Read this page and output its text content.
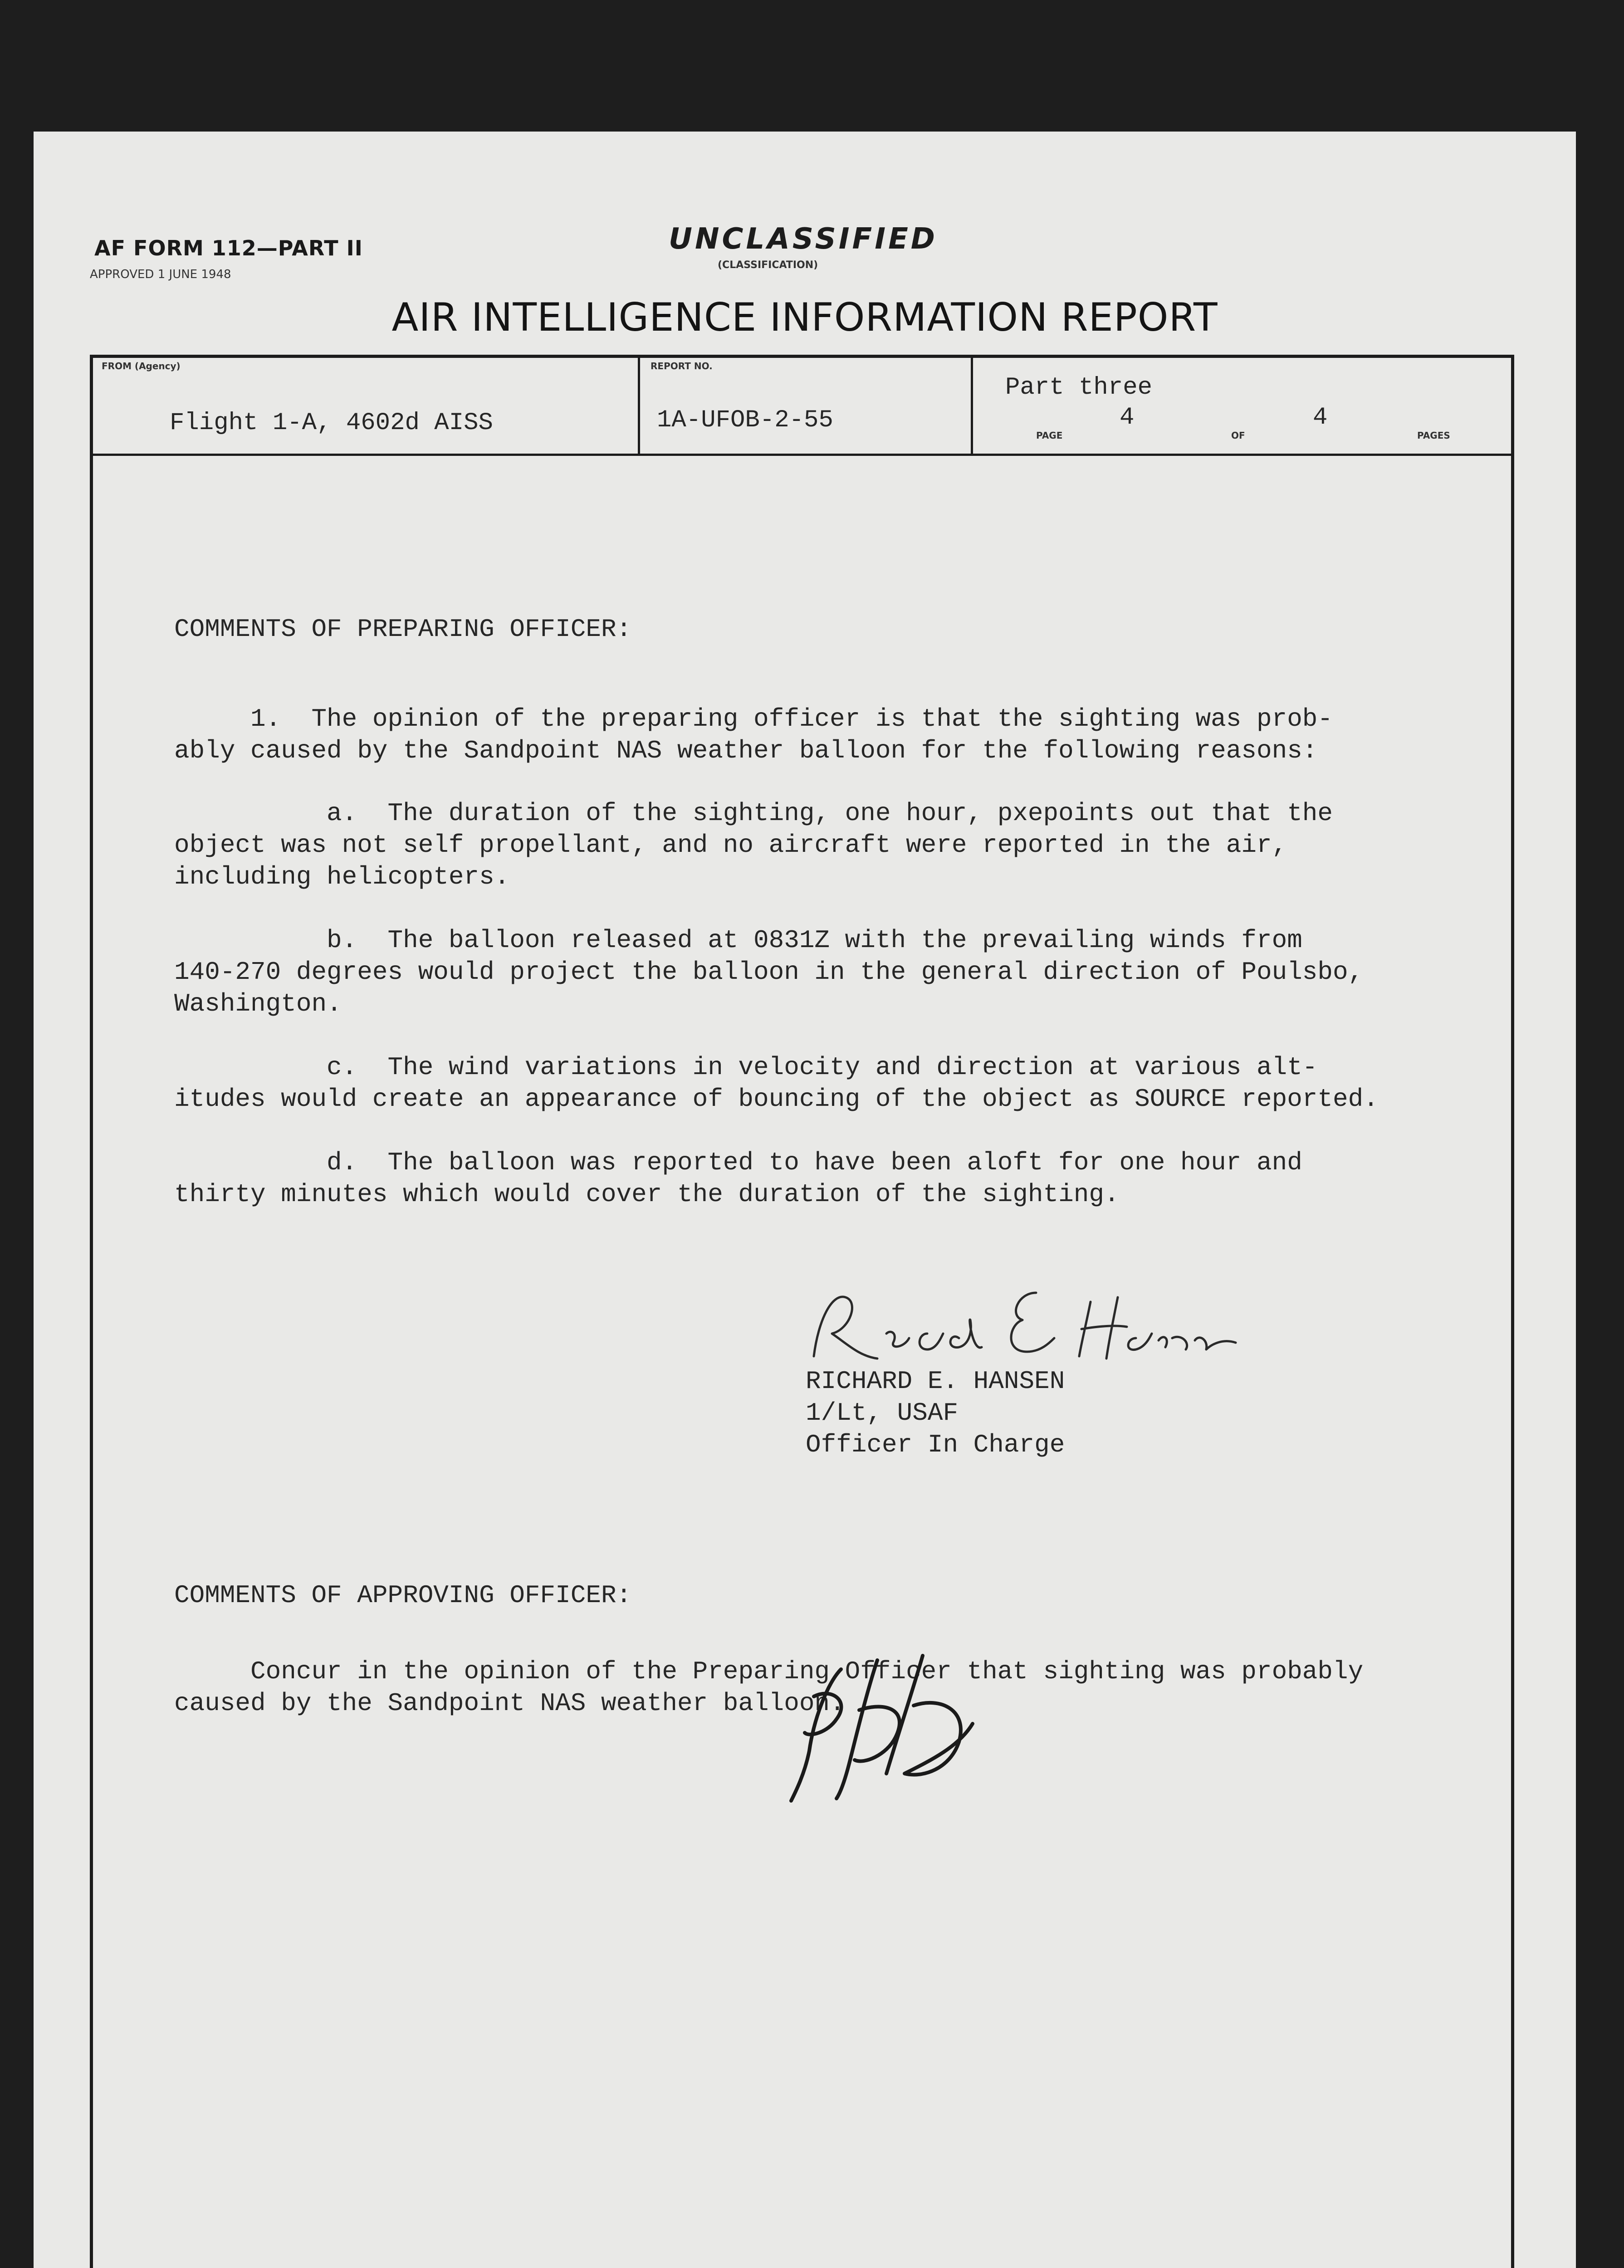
AF FORM 112—PART II
APPROVED 1 JUNE 1948
UNCLASSIFIED
(CLASSIFICATION)
AIR INTELLIGENCE INFORMATION REPORT
FROM (Agency)
Flight 1-A, 4602d AISS
REPORT NO.
1A-UFOB-2-55
Part three
PAGE
4
OF
4
PAGES
COMMENTS OF PREPARING OFFICER:
1.  The opinion of the preparing officer is that the sighting was prob-
ably caused by the Sandpoint NAS weather balloon for the following reasons:
a.  The duration of the sighting, one hour, pxepoints out that the
object was not self propellant, and no aircraft were reported in the air,
including helicopters.
b.  The balloon released at 0831Z with the prevailing winds from
140-270 degrees would project the balloon in the general direction of Poulsbo,
Washington.
c.  The wind variations in velocity and direction at various alt-
itudes would create an appearance of bouncing of the object as SOURCE reported.
d.  The balloon was reported to have been aloft for one hour and
thirty minutes which would cover the duration of the sighting.
RICHARD E. HANSEN
1/Lt, USAF
Officer In Charge
COMMENTS OF APPROVING OFFICER:
Concur in the opinion of the Preparing Officer that sighting was probably
caused by the Sandpoint NAS weather balloon.
